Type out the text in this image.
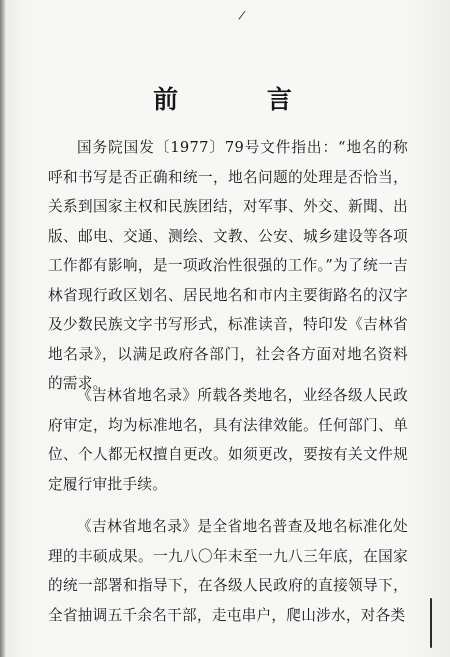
/
前 言

国务院国发〔1977〕79号文件指出：“地名的称呼和书写是否正确和统一，地名问题的处理是否恰当，关系到国家主权和民族团结，对军事、外交、新聞、出版、邮电、交通、测绘、文教、公安、城乡建设等各项工作都有影响，是一项政治性很强的工作。”为了统一吉林省现行政区划名、居民地名和市内主要街路名的汉字及少数民族文字书写形式，标准读音，特印发《吉林省地名录》，以满足政府各部门，社会各方面对地名资料的需求。

《吉林省地名录》所载各类地名，业经各级人民政府审定，均为标准地名，具有法律效能。任何部门、单位、个人都无权擅自更改。如须更改，要按有关文件规定履行审批手续。

《吉林省地名录》是全省地名普查及地名标准化处理的丰硕成果。一九八〇年末至一九八三年底，在国家的统一部署和指导下，在各级人民政府的直接领导下，全省抽调五千余名干部，走屯串户，爬山涉水，对各类
